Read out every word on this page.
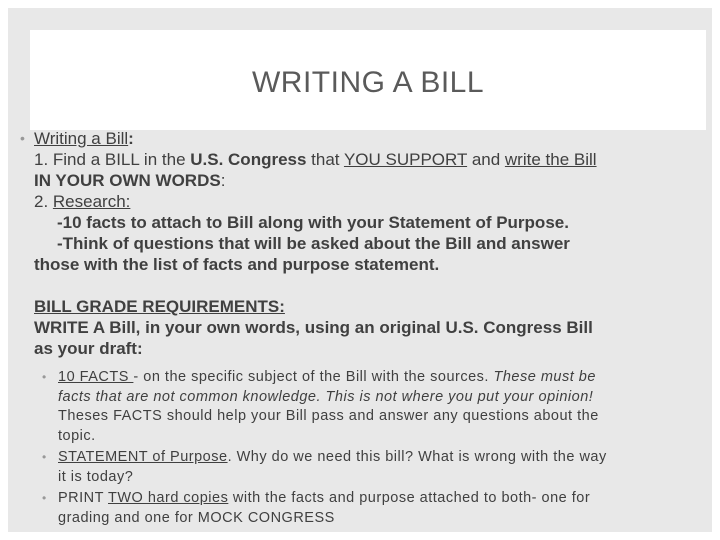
WRITING A BILL
• Writing a Bill:
1. Find a BILL in the U.S. Congress that YOU SUPPORT and write the Bill
IN YOUR OWN WORDS:
2. Research:
-10 facts to attach to Bill along with your Statement of Purpose.
-Think of questions that will be asked about the Bill and answer
those with the list of facts and purpose statement.
BILL GRADE REQUIREMENTS:
WRITE A Bill, in your own words, using an original U.S. Congress Bill
as your draft:
• 10 FACTS - on the specific subject of the Bill with the sources. These must be
facts that are not common knowledge. This is not where you put your opinion!
Theses FACTS should help your Bill pass and answer any questions about the
topic.
• STATEMENT of Purpose. Why do we need this bill? What is wrong with the way
it is today?
• PRINT TWO hard copies with the facts and purpose attached to both- one for
grading and one for MOCK CONGRESS
